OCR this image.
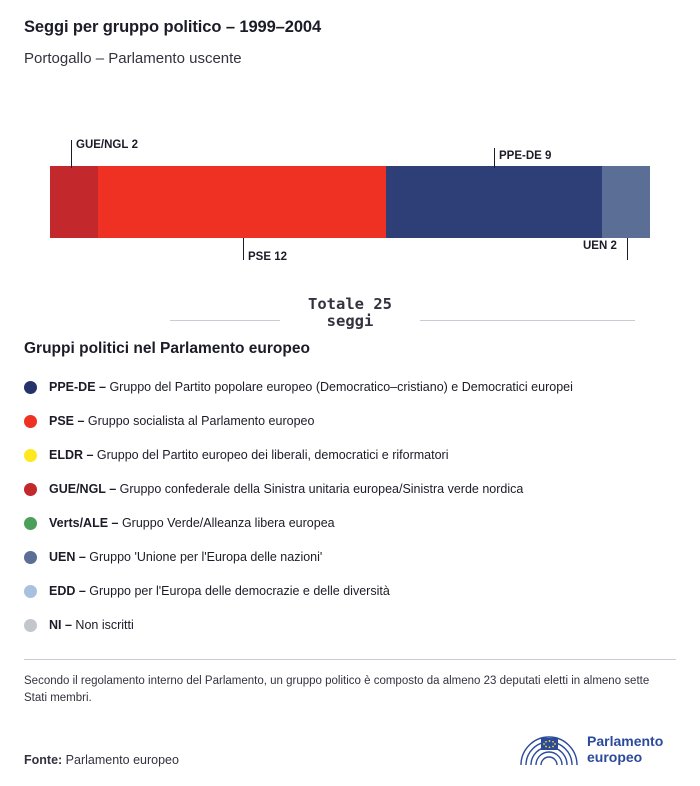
Seggi per gruppo politico – 1999–2004
Portogallo – Parlamento uscente
GUE/NGL 2
PSE 12
PPE-DE 9
UEN 2
Totale 25
seggi
Gruppi politici nel Parlamento europeo
PPE-DE – Gruppo del Partito popolare europeo (Democratico–cristiano) e Democratici europei
PSE – Gruppo socialista al Parlamento europeo
ELDR – Gruppo del Partito europeo dei liberali, democratici e riformatori
GUE/NGL – Gruppo confederale della Sinistra unitaria europea/Sinistra verde nordica
Verts/ALE – Gruppo Verde/Alleanza libera europea
UEN – Gruppo 'Unione per l'Europa delle nazioni'
EDD – Gruppo per l'Europa delle democrazie e delle diversità
NI – Non iscritti
Secondo il regolamento interno del Parlamento, un gruppo politico è composto da almeno 23 deputati eletti in almeno sette Stati membri.
Fonte: Parlamento europeo
Parlamento
europeo
